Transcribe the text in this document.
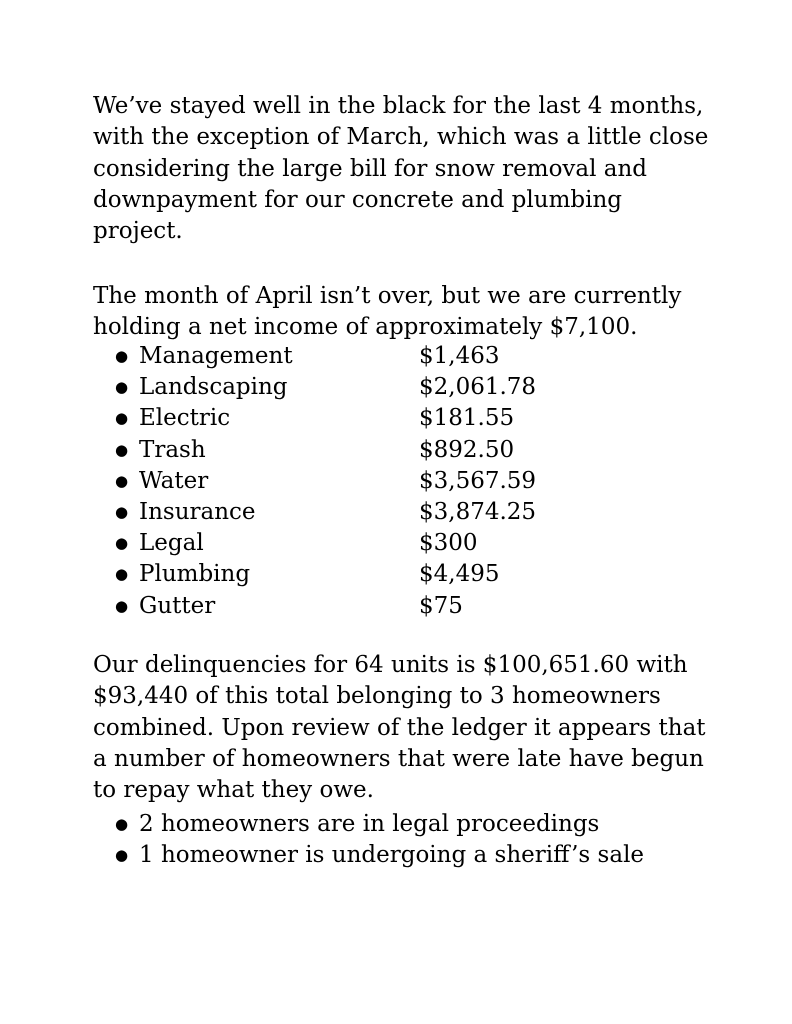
We’ve stayed well in the black for the last 4 months,
with the exception of March, which was a little close
considering the large bill for snow removal and
downpayment for our concrete and plumbing
project.
The month of April isn’t over, but we are currently
holding a net income of approximately $7,100.
● Management	$1,463
● Landscaping	$2,061.78
● Electric	$181.55
● Trash	$892.50
● Water	$3,567.59
● Insurance	$3,874.25
● Legal	$300
● Plumbing	$4,495
● Gutter	$75
Our delinquencies for 64 units is $100,651.60 with
$93,440 of this total belonging to 3 homeowners
combined. Upon review of the ledger it appears that
a number of homeowners that were late have begun
to repay what they owe.
● 2 homeowners are in legal proceedings
● 1 homeowner is undergoing a sheriff’s sale
